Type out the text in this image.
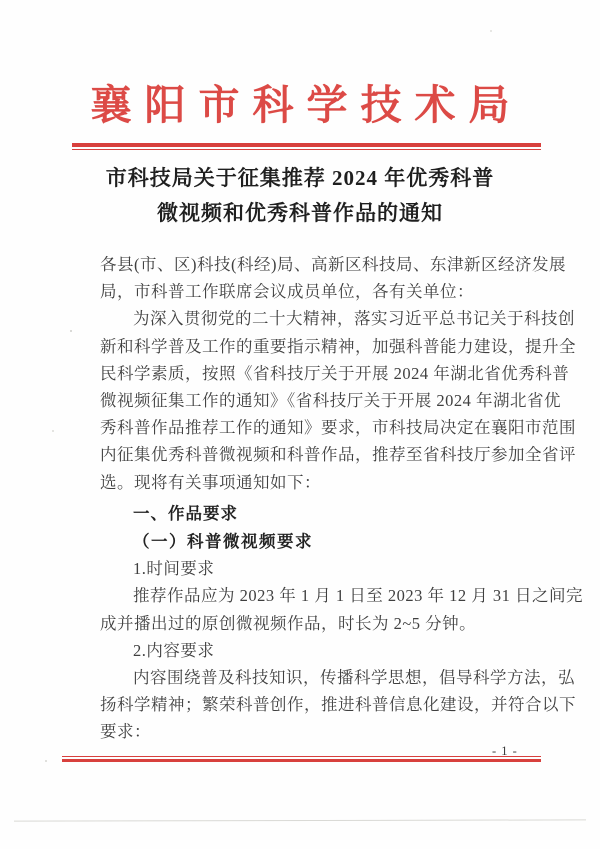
襄阳市科学技术局
市科技局关于征集推荐 2024 年优秀科普
微视频和优秀科普作品的通知
各县(市、区)科技(科经)局、高新区科技局、东津新区经济发展
局，市科普工作联席会议成员单位，各有关单位：
为深入贯彻党的二十大精神，落实习近平总书记关于科技创
新和科学普及工作的重要指示精神，加强科普能力建设，提升全
民科学素质，按照《省科技厅关于开展 2024 年湖北省优秀科普
微视频征集工作的通知》《省科技厅关于开展 2024 年湖北省优
秀科普作品推荐工作的通知》要求，市科技局决定在襄阳市范围
内征集优秀科普微视频和科普作品，推荐至省科技厅参加全省评
选。现将有关事项通知如下：
一、作品要求
（一）科普微视频要求
1.时间要求
推荐作品应为 2023 年 1 月 1 日至 2023 年 12 月 31 日之间完
成并播出过的原创微视频作品，时长为 2~5 分钟。
2.内容要求
内容围绕普及科技知识，传播科学思想，倡导科学方法，弘
扬科学精神；繁荣科普创作，推进科普信息化建设，并符合以下
要求：
- 1 -
